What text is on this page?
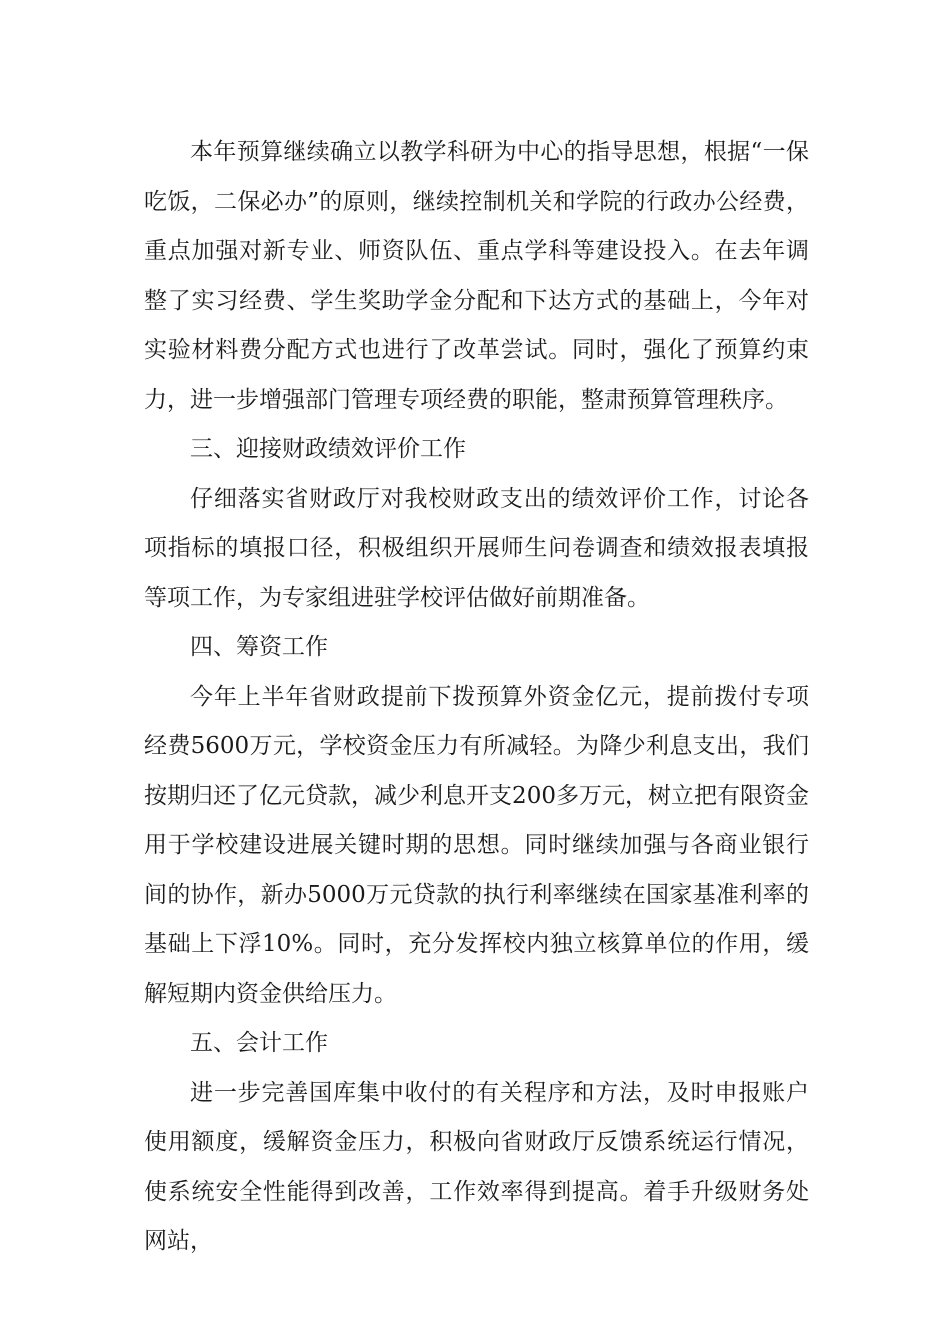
本年预算继续确立以教学科研为中心的指导思想，根据“一保吃饭，二保必办”的原则，继续控制机关和学院的行政办公经费，重点加强对新专业、师资队伍、重点学科等建设投入。在去年调整了实习经费、学生奖助学金分配和下达方式的基础上，今年对实验材料费分配方式也进行了改革尝试。同时，强化了预算约束力，进一步增强部门管理专项经费的职能，整肃预算管理秩序。

三、迎接财政绩效评价工作

仔细落实省财政厅对我校财政支出的绩效评价工作，讨论各项指标的填报口径，积极组织开展师生问卷调查和绩效报表填报等项工作，为专家组进驻学校评估做好前期准备。

四、筹资工作

今年上半年省财政提前下拨预算外资金亿元，提前拨付专项经费5600万元，学校资金压力有所减轻。为降少利息支出，我们按期归还了亿元贷款，减少利息开支200多万元，树立把有限资金用于学校建设进展关键时期的思想。同时继续加强与各商业银行间的协作，新办5000万元贷款的执行利率继续在国家基准利率的基础上下浮10%。同时，充分发挥校内独立核算单位的作用，缓解短期内资金供给压力。

五、会计工作

进一步完善国库集中收付的有关程序和方法，及时申报账户使用额度，缓解资金压力，积极向省财政厅反馈系统运行情况，使系统安全性能得到改善，工作效率得到提高。着手升级财务处网站，
